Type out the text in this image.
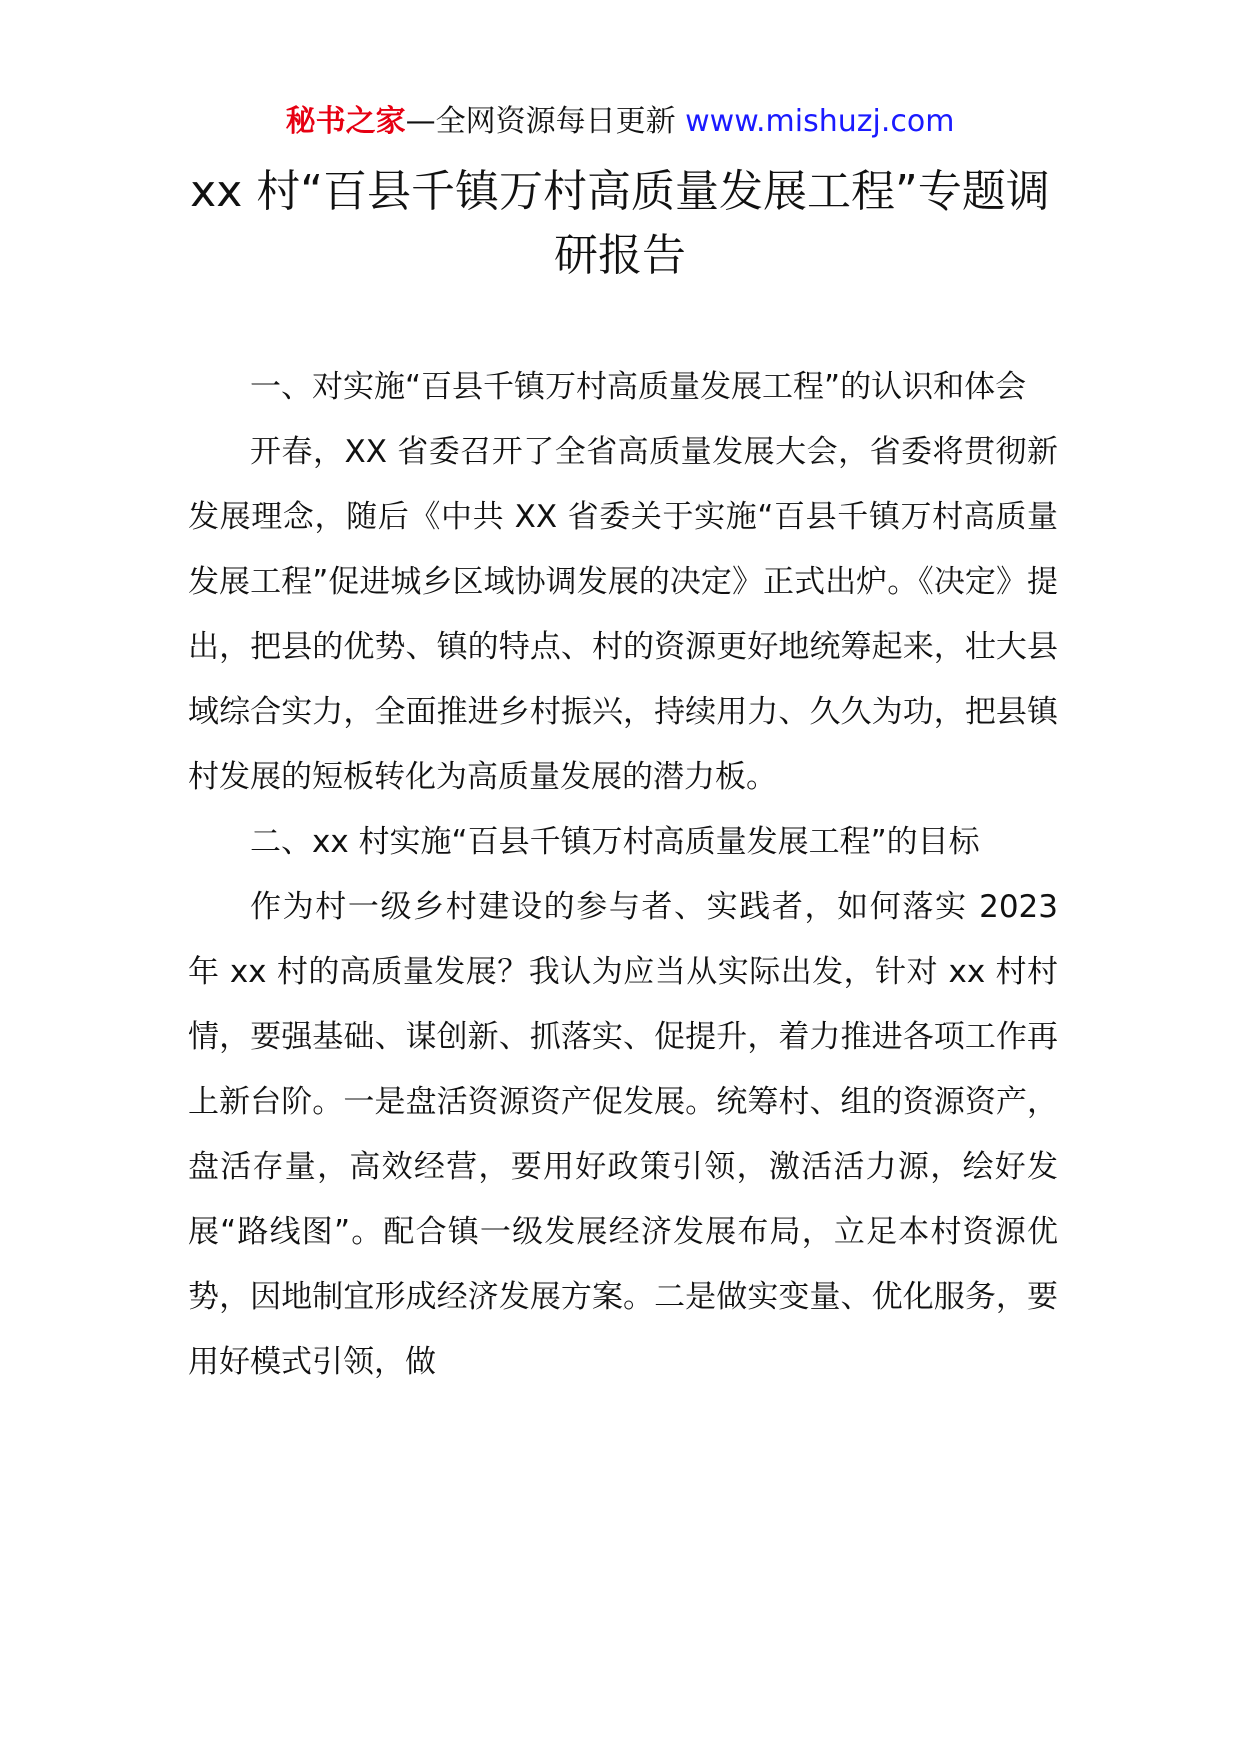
秘书之家—全网资源每日更新 www.mishuzj.com
xx 村“百县千镇万村高质量发展工程”专题调研报告

一、对实施“百县千镇万村高质量发展工程”的认识和体会

开春，XX 省委召开了全省高质量发展大会，省委将贯彻新发展理念，随后《中共 XX 省委关于实施“百县千镇万村高质量发展工程”促进城乡区域协调发展的决定》正式出炉。《决定》提出，把县的优势、镇的特点、村的资源更好地统筹起来，壮大县域综合实力，全面推进乡村振兴，持续用力、久久为功，把县镇村发展的短板转化为高质量发展的潜力板。

二、xx 村实施“百县千镇万村高质量发展工程”的目标

作为村一级乡村建设的参与者、实践者，如何落实 2023 年 xx 村的高质量发展？我认为应当从实际出发，针对 xx 村村情，要强基础、谋创新、抓落实、促提升，着力推进各项工作再上新台阶。一是盘活资源资产促发展。统筹村、组的资源资产，盘活存量，高效经营，要用好政策引领，激活活力源，绘好发展“路线图”。配合镇一级发展经济发展布局，立足本村资源优势，因地制宜形成经济发展方案。二是做实变量、优化服务，要用好模式引领，做
